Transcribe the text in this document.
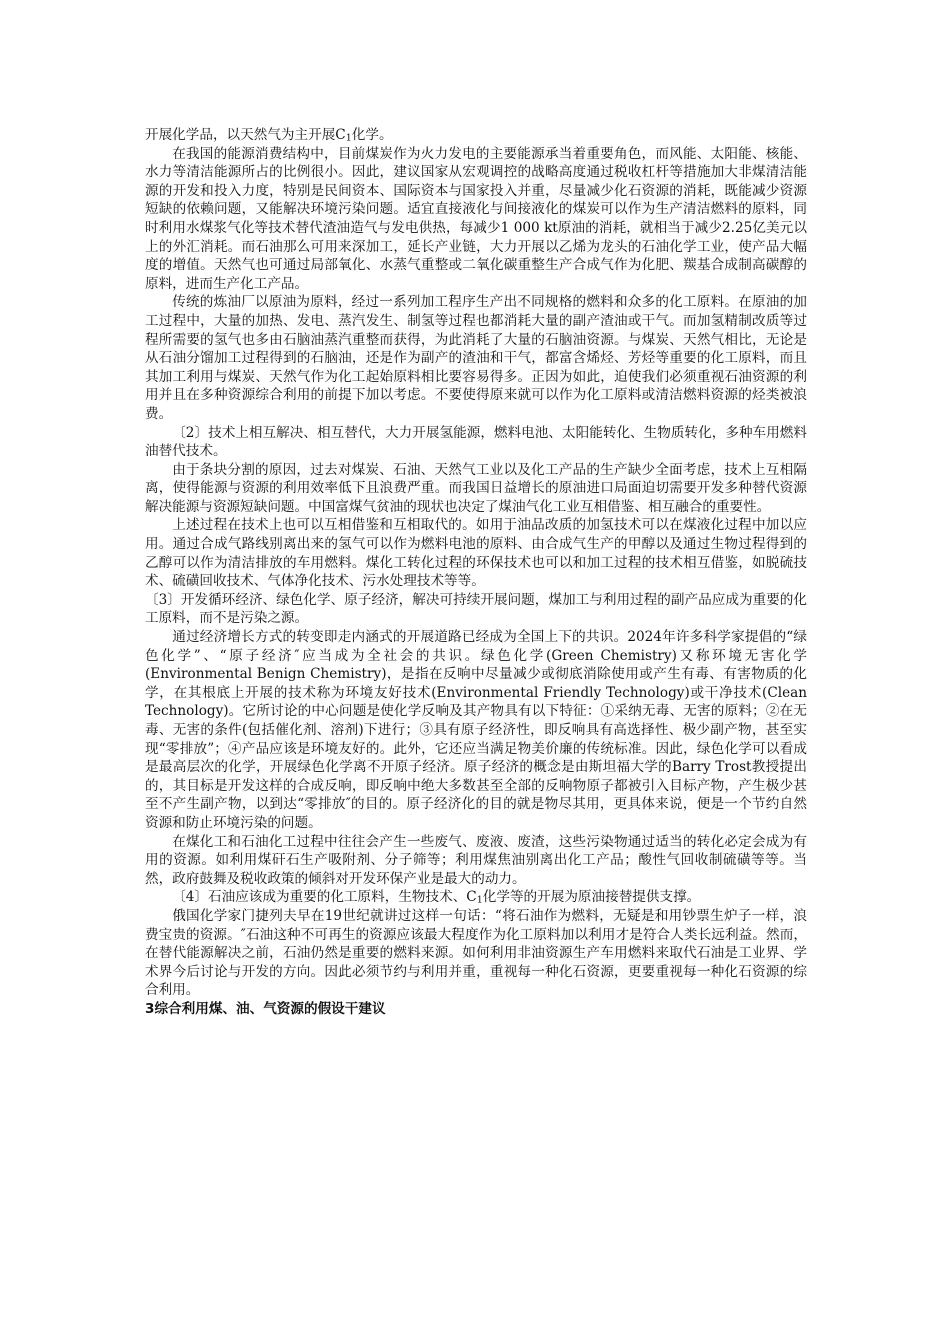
开展化学品，以天然气为主开展$C_1$化学。

在我国的能源消费结构中，目前煤炭作为火力发电的主要能源承当着重要角色，而风能、太阳能、核能、水力等清洁能源所占的比例很小。因此，建议国家从宏观调控的战略高度通过税收杠杆等措施加大非煤清洁能源的开发和投入力度，特别是民间资本、国际资本与国家投入并重，尽量减少化石资源的消耗，既能减少资源短缺的依赖问题，又能解决环境污染问题。适宜直接液化与间接液化的煤炭可以作为生产清洁燃料的原料，同时利用水煤浆气化等技术替代渣油造气与发电供热，每减少1 000 kt原油的消耗，就相当于减少2.25亿美元以上的外汇消耗。而石油那么可用来深加工，延长产业链，大力开展以乙烯为龙头的石油化学工业，使产品大幅度的增值。天然气也可通过局部氧化、水蒸气重整或二氧化碳重整生产合成气作为化肥、羰基合成制高碳醇的原料，进而生产化工产品。

传统的炼油厂以原油为原料，经过一系列加工程序生产出不同规格的燃料和众多的化工原料。在原油的加工过程中，大量的加热、发电、蒸汽发生、制氢等过程也都消耗大量的副产渣油或干气。而加氢精制改质等过程所需要的氢气也多由石脑油蒸汽重整而获得，为此消耗了大量的石脑油资源。与煤炭、天然气相比，无论是从石油分馏加工过程得到的石脑油，还是作为副产的渣油和干气，都富含烯烃、芳烃等重要的化工原料，而且其加工利用与煤炭、天然气作为化工起始原料相比要容易得多。正因为如此，迫使我们必须重视石油资源的利用并且在多种资源综合利用的前提下加以考虑。不要使得原来就可以作为化工原料或清洁燃料资源的烃类被浪费。

〔2〕技术上相互解决、相互替代，大力开展氢能源，燃料电池、太阳能转化、生物质转化，多种车用燃料油替代技术。

由于条块分割的原因，过去对煤炭、石油、天然气工业以及化工产品的生产缺少全面考虑，技术上互相隔离，使得能源与资源的利用效率低下且浪费严重。而我国日益增长的原油进口局面迫切需要开发多种替代资源解决能源与资源短缺问题。中国富煤气贫油的现状也决定了煤油气化工业互相借鉴、相互融合的重要性。

上述过程在技术上也可以互相借鉴和互相取代的。如用于油品改质的加氢技术可以在煤液化过程中加以应用。通过合成气路线别离出来的氢气可以作为燃料电池的原料、由合成气生产的甲醇以及通过生物过程得到的乙醇可以作为清洁排放的车用燃料。煤化工转化过程的环保技术也可以和加工过程的技术相互借鉴，如脱硫技术、硫磺回收技术、气体净化技术、污水处理技术等等。

〔3〕开发循环经济、绿色化学、原子经济，解决可持续开展问题，煤加工与利用过程的副产品应成为重要的化工原料，而不是污染之源。

通过经济增长方式的转变即走内涵式的开展道路已经成为全国上下的共识。2024年许多科学家提倡的“绿色化学”、“原子经济″应当成为全社会的共识。绿色化学(Green Chemistry)又称环境无害化学(Environmental Benign Chemistry)，是指在反响中尽量减少或彻底消除使用或产生有毒、有害物质的化学，在其根底上开展的技术称为环境友好技术(Environmental Friendly Technology)或干净技术(Clean Technology)。它所讨论的中心问题是使化学反响及其产物具有以下特征：①采纳无毒、无害的原料；②在无毒、无害的条件(包括催化剂、溶剂)下进行；③具有原子经济性，即反响具有高选择性、极少副产物，甚至实现“零排放”；④产品应该是环境友好的。此外，它还应当满足物美价廉的传统标准。因此，绿色化学可以看成是最高层次的化学，开展绿色化学离不开原子经济。原子经济的概念是由斯坦福大学的Barry Trost教授提出的，其目标是开发这样的合成反响，即反响中绝大多数甚至全部的反响物原子都被引入目标产物，产生极少甚至不产生副产物，以到达“零排放″的目的。原子经济化的目的就是物尽其用，更具体来说，便是一个节约自然资源和防止环境污染的问题。

在煤化工和石油化工过程中往往会产生一些废气、废液、废渣，这些污染物通过适当的转化必定会成为有用的资源。如利用煤矸石生产吸附剂、分子筛等；利用煤焦油别离出化工产品；酸性气回收制硫磺等等。当然，政府鼓舞及税收政策的倾斜对开发环保产业是最大的动力。

〔4〕石油应该成为重要的化工原料，生物技术、$C_1$化学等的开展为原油接替提供支撑。

俄国化学家门捷列夫早在19世纪就讲过这样一句话：“将石油作为燃料，无疑是和用钞票生炉子一样，浪费宝贵的资源。″石油这种不可再生的资源应该最大程度作为化工原料加以利用才是符合人类长远利益。然而，在替代能源解决之前，石油仍然是重要的燃料来源。如何利用非油资源生产车用燃料来取代石油是工业界、学术界今后讨论与开发的方向。因此必须节约与利用并重，重视每一种化石资源，更要重视每一种化石资源的综合利用。

3综合利用煤、油、气资源的假设干建议
